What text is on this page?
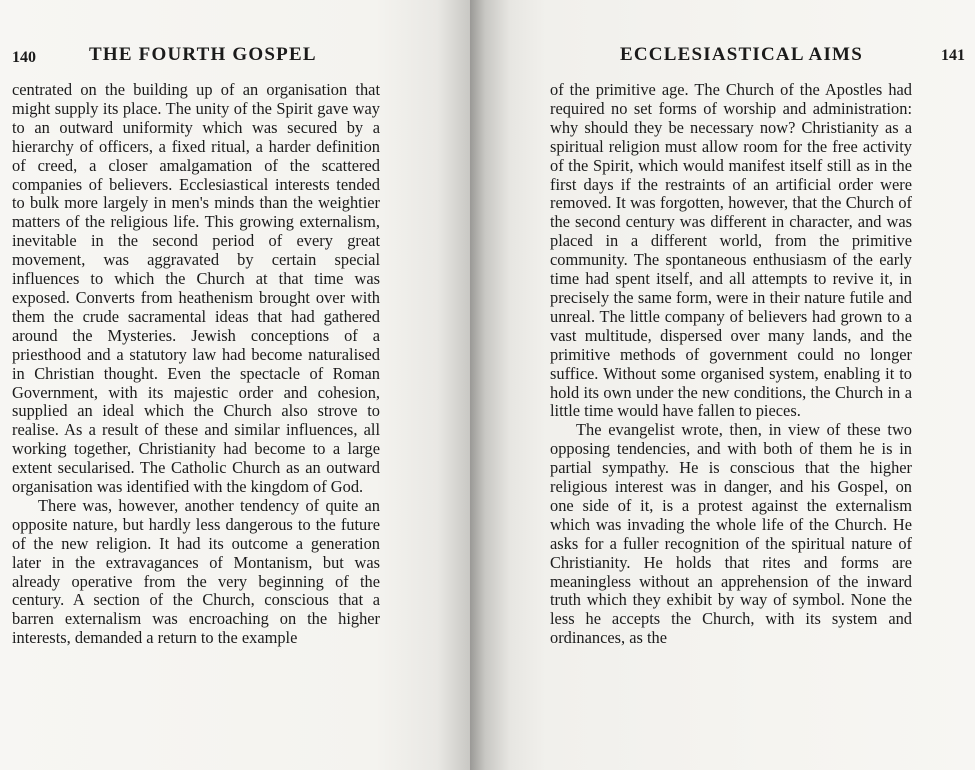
140	THE FOURTH GOSPEL

centrated on the building up of an organisation that might supply its place. The unity of the Spirit gave way to an outward uniformity which was secured by a hierarchy of officers, a fixed ritual, a harder definition of creed, a closer amalgamation of the scattered companies of believers. Ecclesiastical interests tended to bulk more largely in men's minds than the weightier matters of the religious life. This growing externalism, inevitable in the second period of every great movement, was aggravated by certain special influences to which the Church at that time was exposed. Converts from heathenism brought over with them the crude sacramental ideas that had gathered around the Mysteries. Jewish conceptions of a priesthood and a statutory law had become naturalised in Christian thought. Even the spectacle of Roman Government, with its majestic order and cohesion, supplied an ideal which the Church also strove to realise. As a result of these and similar influences, all working together, Christianity had become to a large extent secularised. The Catholic Church as an outward organisation was identified with the kingdom of God.

There was, however, another tendency of quite an opposite nature, but hardly less dangerous to the future of the new religion. It had its outcome a generation later in the extravagances of Montanism, but was already operative from the very beginning of the century. A section of the Church, conscious that a barren externalism was encroaching on the higher interests, demanded a return to the example

ECCLESIASTICAL AIMS	141

of the primitive age. The Church of the Apostles had required no set forms of worship and administration: why should they be necessary now? Christianity as a spiritual religion must allow room for the free activity of the Spirit, which would manifest itself still as in the first days if the restraints of an artificial order were removed. It was forgotten, however, that the Church of the second century was different in character, and was placed in a different world, from the primitive community. The spontaneous enthusiasm of the early time had spent itself, and all attempts to revive it, in precisely the same form, were in their nature futile and unreal. The little company of believers had grown to a vast multitude, dispersed over many lands, and the primitive methods of government could no longer suffice. Without some organised system, enabling it to hold its own under the new conditions, the Church in a little time would have fallen to pieces.

The evangelist wrote, then, in view of these two opposing tendencies, and with both of them he is in partial sympathy. He is conscious that the higher religious interest was in danger, and his Gospel, on one side of it, is a protest against the externalism which was invading the whole life of the Church. He asks for a fuller recognition of the spiritual nature of Christianity. He holds that rites and forms are meaningless without an apprehension of the inward truth which they exhibit by way of symbol. None the less he accepts the Church, with its system and ordinances, as the
